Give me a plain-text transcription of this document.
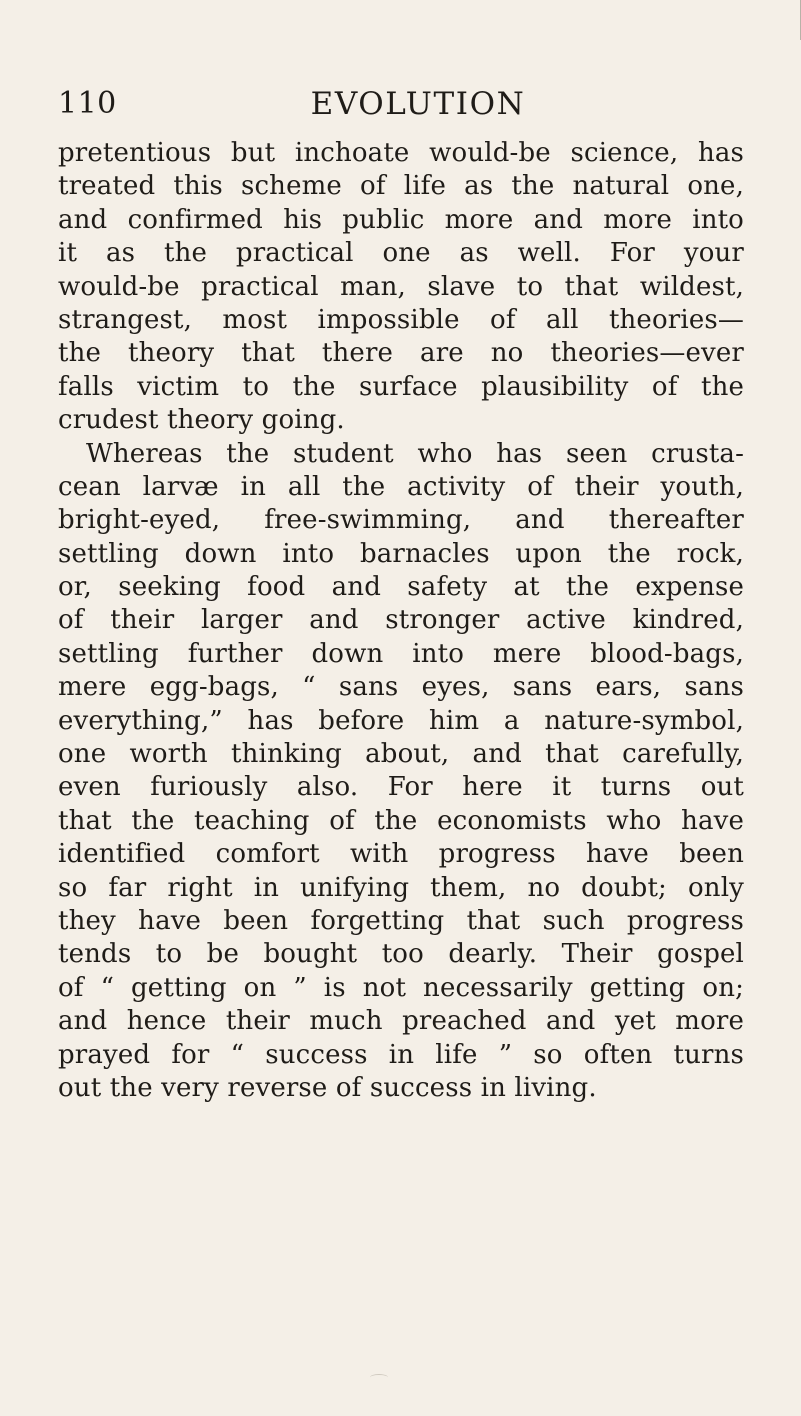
110	EVOLUTION
pretentious but inchoate would-be science, has
treated this scheme of life as the natural one,
and confirmed his public more and more into
it as the practical one as well. For your
would-be practical man, slave to that wildest,
strangest, most impossible of all theories—
the theory that there are no theories—ever
falls victim to the surface plausibility of the
crudest theory going.
Whereas the student who has seen crusta-
cean larvæ in all the activity of their youth,
bright-eyed, free-swimming, and thereafter
settling down into barnacles upon the rock,
or, seeking food and safety at the expense
of their larger and stronger active kindred,
settling further down into mere blood-bags,
mere egg-bags, “ sans eyes, sans ears, sans
everything,” has before him a nature-symbol,
one worth thinking about, and that carefully,
even furiously also. For here it turns out
that the teaching of the economists who have
identified comfort with progress have been
so far right in unifying them, no doubt; only
they have been forgetting that such progress
tends to be bought too dearly. Their gospel
of “ getting on ” is not necessarily getting on;
and hence their much preached and yet more
prayed for “ success in life ” so often turns
out the very reverse of success in living.
